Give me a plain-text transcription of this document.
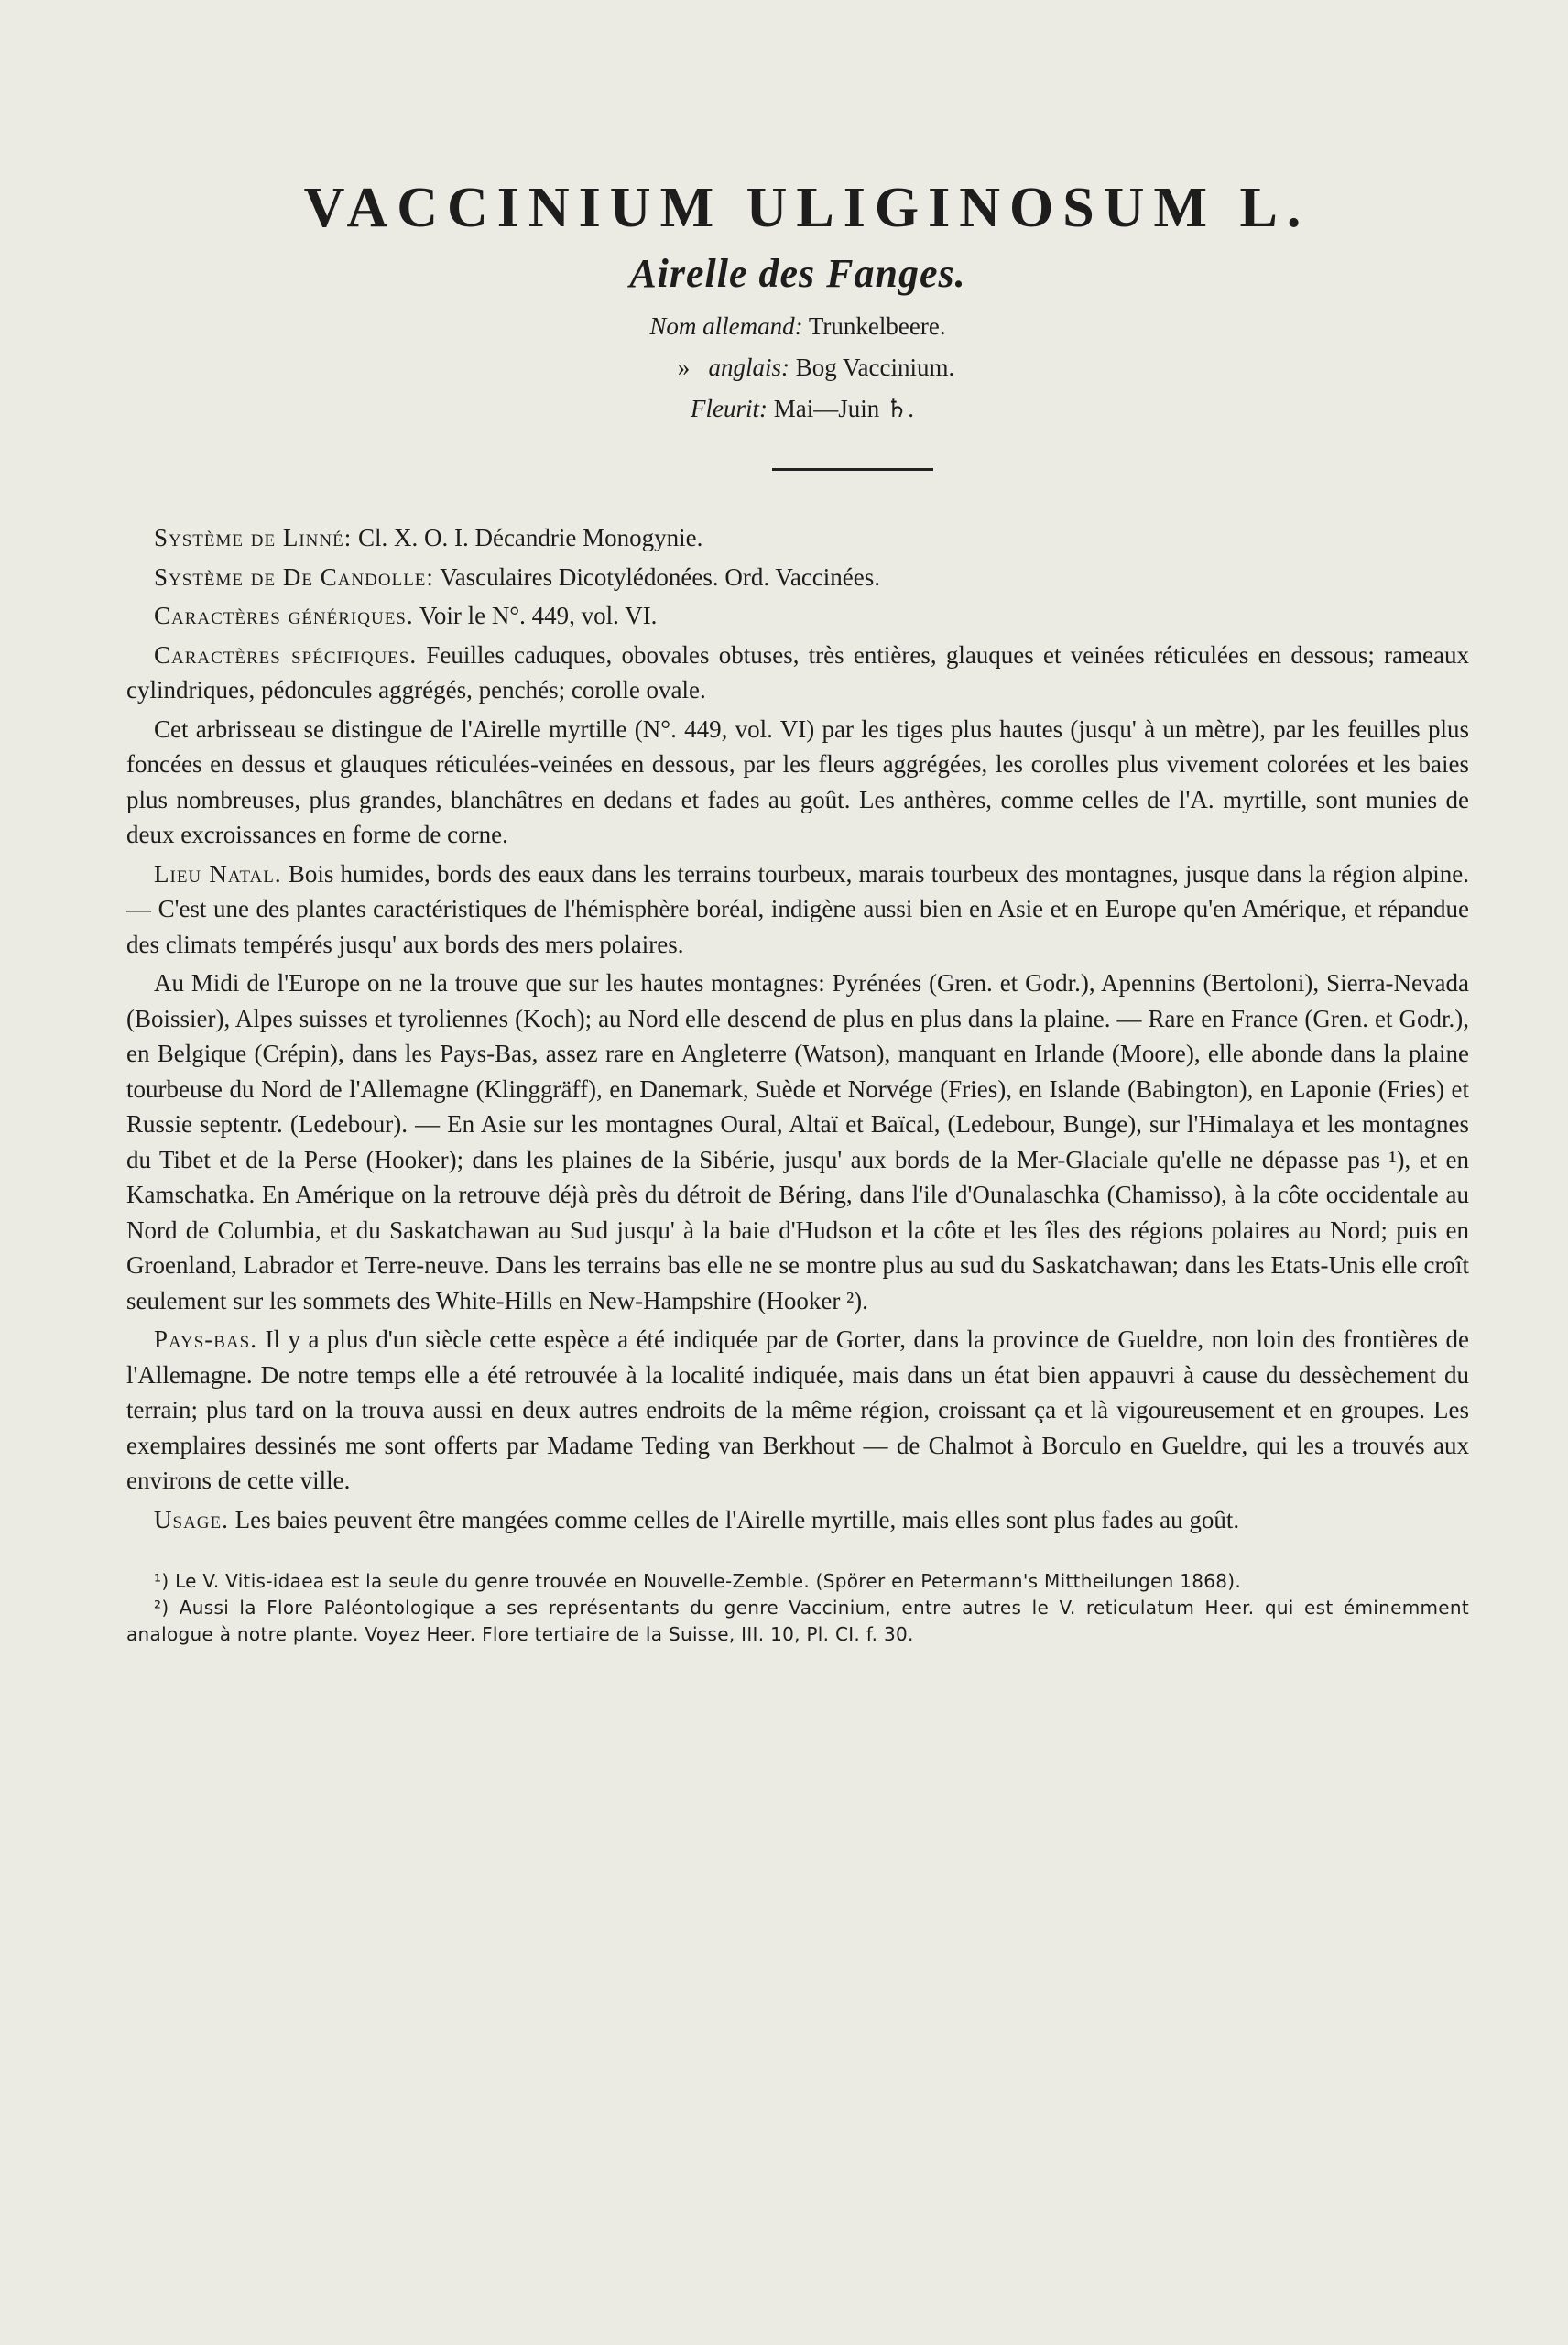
VACCINIUM ULIGINOSUM L.
Airelle des Fanges.
Nom allemand: Trunkelbeere.
» anglais: Bog Vaccinium.
Fleurit: Mai—Juin ♄.

Système de Linné: Cl. X. O. I. Décandrie Monogynie.

Système de De Candolle: Vasculaires Dicotylédonées. Ord. Vaccinées.

Caractères génériques. Voir le N°. 449, vol. VI.

Caractères spécifiques. Feuilles caduques, obovales obtuses, très entières, glauques et veinées réticulées en dessous; rameaux cylindriques, pédoncules aggrégés, penchés; corolle ovale.

Cet arbrisseau se distingue de l'Airelle myrtille (N°. 449, vol. VI) par les tiges plus hautes (jusqu' à un mètre), par les feuilles plus foncées en dessus et glauques réticulées-veinées en dessous, par les fleurs aggrégées, les corolles plus vivement colorées et les baies plus nombreuses, plus grandes, blanchâtres en dedans et fades au goût. Les anthères, comme celles de l'A. myrtille, sont munies de deux excroissances en forme de corne.

Lieu Natal. Bois humides, bords des eaux dans les terrains tourbeux, marais tourbeux des montagnes, jusque dans la région alpine. — C'est une des plantes caractéristiques de l'hémisphère boréal, indigène aussi bien en Asie et en Europe qu'en Amérique, et répandue des climats tempérés jusqu' aux bords des mers polaires.

Au Midi de l'Europe on ne la trouve que sur les hautes montagnes: Pyrénées (Gren. et Godr.), Apennins (Bertoloni), Sierra-Nevada (Boissier), Alpes suisses et tyroliennes (Koch); au Nord elle descend de plus en plus dans la plaine. — Rare en France (Gren. et Godr.), en Belgique (Crépin), dans les Pays-Bas, assez rare en Angleterre (Watson), manquant en Irlande (Moore), elle abonde dans la plaine tourbeuse du Nord de l'Allemagne (Klinggräff), en Danemark, Suède et Norvége (Fries), en Islande (Babington), en Laponie (Fries) et Russie septentr. (Ledebour). — En Asie sur les montagnes Oural, Altaï et Baïcal, (Ledebour, Bunge), sur l'Himalaya et les montagnes du Tibet et de la Perse (Hooker); dans les plaines de la Sibérie, jusqu' aux bords de la Mer-Glaciale qu'elle ne dépasse pas ¹), et en Kamschatka. En Amérique on la retrouve déjà près du détroit de Béring, dans l'ile d'Ounalaschka (Chamisso), à la côte occidentale au Nord de Columbia, et du Saskatchawan au Sud jusqu' à la baie d'Hudson et la côte et les îles des régions polaires au Nord; puis en Groenland, Labrador et Terre-neuve. Dans les terrains bas elle ne se montre plus au sud du Saskatchawan; dans les Etats-Unis elle croît seulement sur les sommets des White-Hills en New-Hampshire (Hooker ²).

Pays-bas. Il y a plus d'un siècle cette espèce a été indiquée par de Gorter, dans la province de Gueldre, non loin des frontières de l'Allemagne. De notre temps elle a été retrouvée à la localité indiquée, mais dans un état bien appauvri à cause du dessèchement du terrain; plus tard on la trouva aussi en deux autres endroits de la même région, croissant ça et là vigoureusement et en groupes. Les exemplaires dessinés me sont offerts par Madame Teding van Berkhout — de Chalmot à Borculo en Gueldre, qui les a trouvés aux environs de cette ville.

Usage. Les baies peuvent être mangées comme celles de l'Airelle myrtille, mais elles sont plus fades au goût.

¹) Le V. Vitis-idaea est la seule du genre trouvée en Nouvelle-Zemble. (Spörer en Petermann's Mittheilungen 1868).

²) Aussi la Flore Paléontologique a ses représentants du genre Vaccinium, entre autres le V. reticulatum Heer. qui est éminemment analogue à notre plante. Voyez Heer. Flore tertiaire de la Suisse, III. 10, Pl. CI. f. 30.
